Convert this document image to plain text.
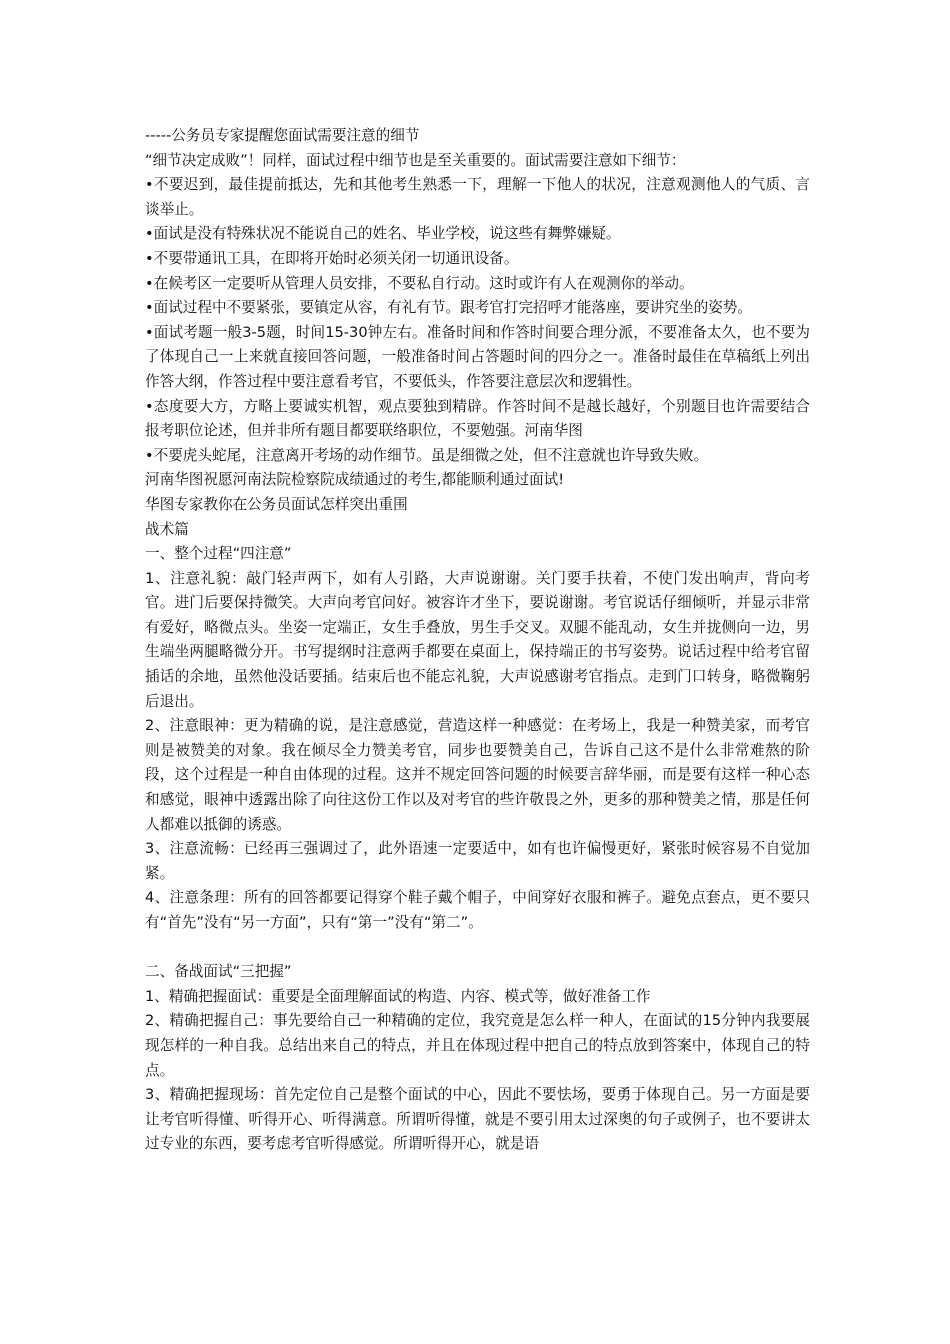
-----公务员专家提醒您面试需要注意的细节

“细节决定成败”！同样，面试过程中细节也是至关重要的。面试需要注意如下细节：

•不要迟到，最佳提前抵达，先和其他考生熟悉一下，理解一下他人的状况，注意观测他人的气质、言谈举止。

•面试是没有特殊状况不能说自己的姓名、毕业学校，说这些有舞弊嫌疑。

•不要带通讯工具，在即将开始时必须关闭一切通讯设备。

•在候考区一定要听从管理人员安排，不要私自行动。这时或许有人在观测你的举动。

•面试过程中不要紧张，要镇定从容，有礼有节。跟考官打完招呼才能落座，要讲究坐的姿势。

•面试考题一般3-5题，时间15-30钟左右。准备时间和作答时间要合理分派，不要准备太久，也不要为了体现自己一上来就直接回答问题，一般准备时间占答题时间的四分之一。准备时最佳在草稿纸上列出作答大纲，作答过程中要注意看考官，不要低头，作答要注意层次和逻辑性。

•态度要大方，方略上要诚实机智，观点要独到精辟。作答时间不是越长越好，个别题目也许需要结合报考职位论述，但并非所有题目都要联络职位，不要勉强。河南华图

•不要虎头蛇尾，注意离开考场的动作细节。虽是细微之处，但不注意就也许导致失败。

河南华图祝愿河南法院检察院成绩通过的考生,都能顺利通过面试!

华图专家教你在公务员面试怎样突出重围

战术篇

一、整个过程“四注意”

1、注意礼貌：敲门轻声两下，如有人引路，大声说谢谢。关门要手扶着，不使门发出响声，背向考官。进门后要保持微笑。大声向考官问好。被容许才坐下，要说谢谢。考官说话仔细倾听，并显示非常有爱好，略微点头。坐姿一定端正，女生手叠放，男生手交叉。双腿不能乱动，女生并拢侧向一边，男生端坐两腿略微分开。书写提纲时注意两手都要在桌面上，保持端正的书写姿势。说话过程中给考官留插话的余地，虽然他没话要插。结束后也不能忘礼貌，大声说感谢考官指点。走到门口转身，略微鞠躬后退出。

2、注意眼神：更为精确的说，是注意感觉，营造这样一种感觉：在考场上，我是一种赞美家，而考官则是被赞美的对象。我在倾尽全力赞美考官，同步也要赞美自己，告诉自己这不是什么非常难熬的阶段，这个过程是一种自由体现的过程。这并不规定回答问题的时候要言辞华丽，而是要有这样一种心态和感觉，眼神中透露出除了向往这份工作以及对考官的些许敬畏之外，更多的那种赞美之情，那是任何人都难以抵御的诱惑。

3、注意流畅：已经再三强调过了，此外语速一定要适中，如有也许偏慢更好，紧张时候容易不自觉加紧。

4、注意条理：所有的回答都要记得穿个鞋子戴个帽子，中间穿好衣服和裤子。避免点套点，更不要只有“首先”没有“另一方面”，只有“第一”没有“第二”。

二、备战面试“三把握”

1、精确把握面试：重要是全面理解面试的构造、内容、模式等，做好准备工作

2、精确把握自己：事先要给自己一种精确的定位，我究竟是怎么样一种人，在面试的15分钟内我要展现怎样的一种自我。总结出来自己的特点，并且在体现过程中把自己的特点放到答案中，体现自己的特点。

3、精确把握现场：首先定位自己是整个面试的中心，因此不要怯场，要勇于体现自己。另一方面是要让考官听得懂、听得开心、听得满意。所谓听得懂，就是不要引用太过深奥的句子或例子，也不要讲太过专业的东西，要考虑考官听得感觉。所谓听得开心，就是语
